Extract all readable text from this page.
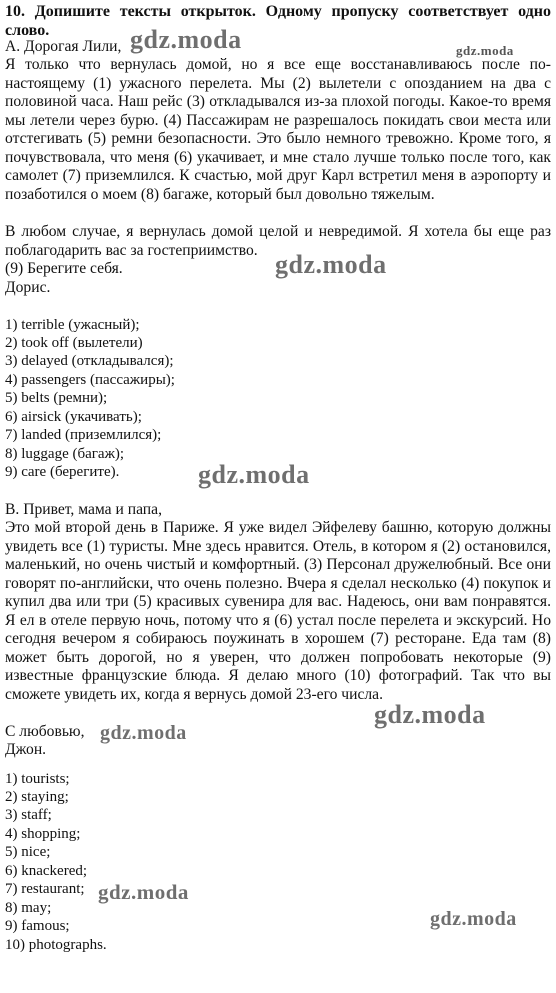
10. Допишите тексты открыток. Одному пропуску соответствует одно слово.
A. Дорогая Лили,
Я только что вернулась домой, но я все еще восстанавливаюсь после по-настоящему (1) ужасного перелета. Мы (2) вылетели с опозданием на два с половиной часа. Наш рейс (3) откладывался из-за плохой погоды. Какое-то время мы летели через бурю. (4) Пассажирам не разрешалось покидать свои места или отстегивать (5) ремни безопасности. Это было немного тревожно. Кроме того, я почувствовала, что меня (6) укачивает, и мне стало лучше только после того, как самолет (7) приземлился. К счастью, мой друг Карл встретил меня в аэропорту и позаботился о моем (8) багаже, который был довольно тяжелым.
В любом случае, я вернулась домой целой и невредимой. Я хотела бы еще раз поблагодарить вас за гостеприимство.
(9) Берегите себя.
Дорис.
1) terrible (ужасный);
2) took off (вылетели)
3) delayed (откладывался);
4) passengers (пассажиры);
5) belts (ремни);
6) airsick (укачивать);
7) landed (приземлился);
8) luggage (багаж);
9) care (берегите).
B. Привет, мама и папа,
Это мой второй день в Париже. Я уже видел Эйфелеву башню, которую должны увидеть все (1) туристы. Мне здесь нравится. Отель, в котором я (2) остановился, маленький, но очень чистый и комфортный. (3) Персонал дружелюбный. Все они говорят по-английски, что очень полезно. Вчера я сделал несколько (4) покупок и купил два или три (5) красивых сувенира для вас. Надеюсь, они вам понравятся. Я ел в отеле первую ночь, потому что я (6) устал после перелета и экскурсий. Но сегодня вечером я собираюсь поужинать в хорошем (7) ресторане. Еда там (8) может быть дорогой, но я уверен, что должен попробовать некоторые (9) известные французские блюда. Я делаю много (10) фотографий. Так что вы сможете увидеть их, когда я вернусь домой 23-его числа.
С любовью,
Джон.
1) tourists;
2) staying;
3) staff;
4) shopping;
5) nice;
6) knackered;
7) restaurant;
8) may;
9) famous;
10) photographs.
gdz.moda	gdz.moda
gdz.moda
gdz.moda
gdz.moda
gdz.moda
gdz.moda
gdz.moda
